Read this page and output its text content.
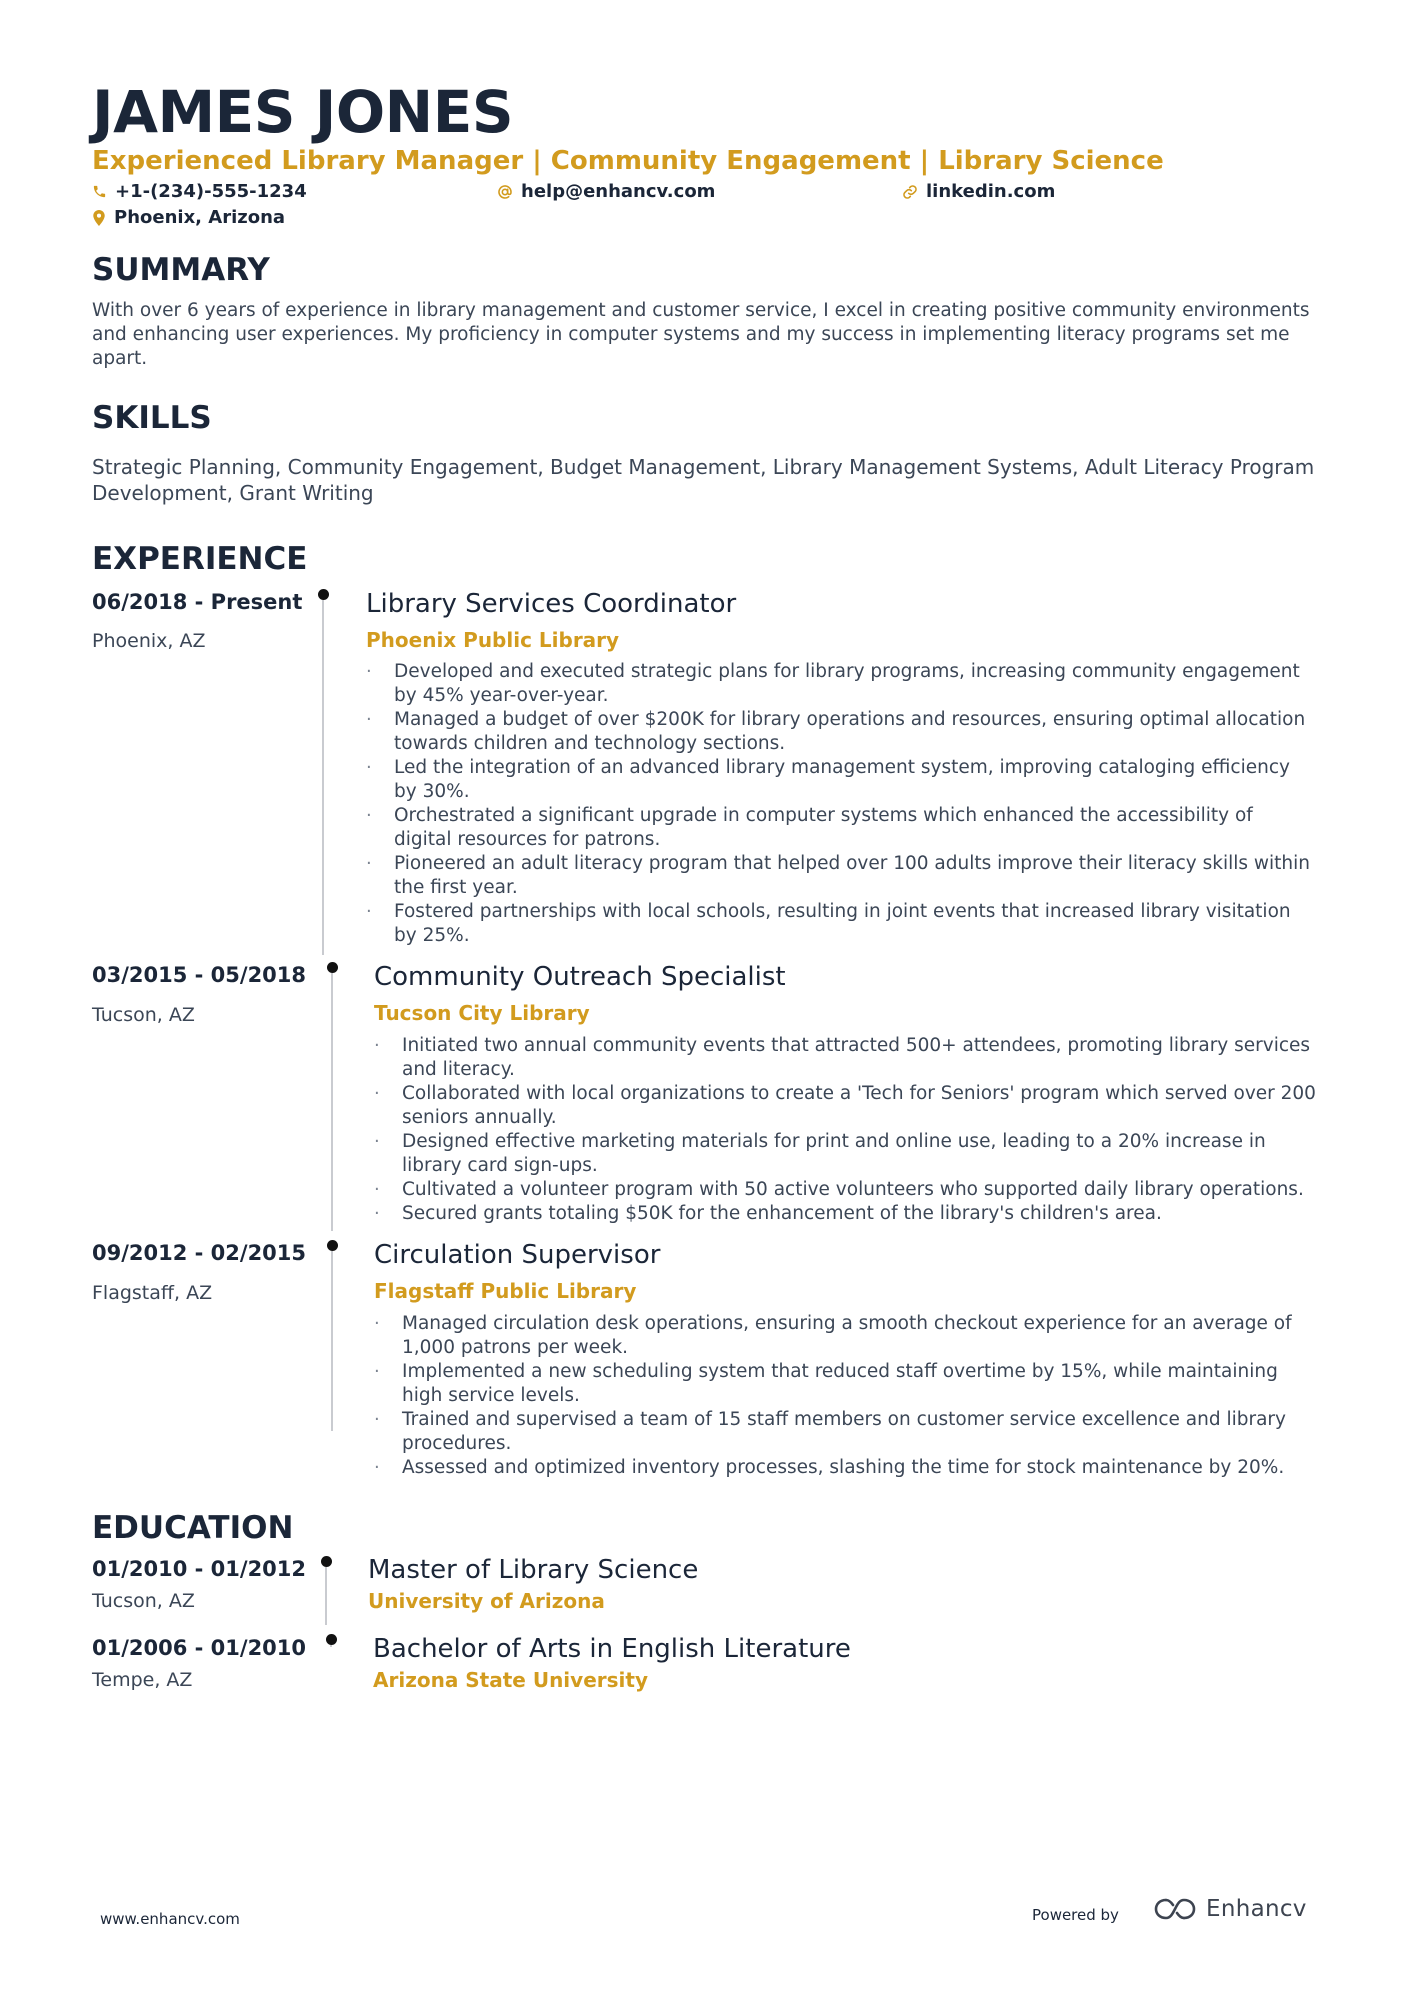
JAMES JONES
Experienced Library Manager | Community Engagement | Library Science
+1-(234)-555-1234	help@enhancv.com	linkedin.com
Phoenix, Arizona
SUMMARY
With over 6 years of experience in library management and customer service, I excel in creating positive community environments and enhancing user experiences. My proficiency in computer systems and my success in implementing literacy programs set me apart.
SKILLS
Strategic Planning, Community Engagement, Budget Management, Library Management Systems, Adult Literacy Program Development, Grant Writing
EXPERIENCE
06/2018 - Present
Phoenix, AZ
Library Services Coordinator
Phoenix Public Library
· Developed and executed strategic plans for library programs, increasing community engagement by 45% year-over-year.
· Managed a budget of over $200K for library operations and resources, ensuring optimal allocation towards children and technology sections.
· Led the integration of an advanced library management system, improving cataloging efficiency by 30%.
· Orchestrated a significant upgrade in computer systems which enhanced the accessibility of digital resources for patrons.
· Pioneered an adult literacy program that helped over 100 adults improve their literacy skills within the first year.
· Fostered partnerships with local schools, resulting in joint events that increased library visitation by 25%.
03/2015 - 05/2018
Tucson, AZ
Community Outreach Specialist
Tucson City Library
· Initiated two annual community events that attracted 500+ attendees, promoting library services and literacy.
· Collaborated with local organizations to create a 'Tech for Seniors' program which served over 200 seniors annually.
· Designed effective marketing materials for print and online use, leading to a 20% increase in library card sign-ups.
· Cultivated a volunteer program with 50 active volunteers who supported daily library operations.
· Secured grants totaling $50K for the enhancement of the library's children's area.
09/2012 - 02/2015
Flagstaff, AZ
Circulation Supervisor
Flagstaff Public Library
· Managed circulation desk operations, ensuring a smooth checkout experience for an average of 1,000 patrons per week.
· Implemented a new scheduling system that reduced staff overtime by 15%, while maintaining high service levels.
· Trained and supervised a team of 15 staff members on customer service excellence and library procedures.
· Assessed and optimized inventory processes, slashing the time for stock maintenance by 20%.
EDUCATION
01/2010 - 01/2012
Tucson, AZ
Master of Library Science
University of Arizona
01/2006 - 01/2010
Tempe, AZ
Bachelor of Arts in English Literature
Arizona State University
www.enhancv.com	Powered by	Enhancv
